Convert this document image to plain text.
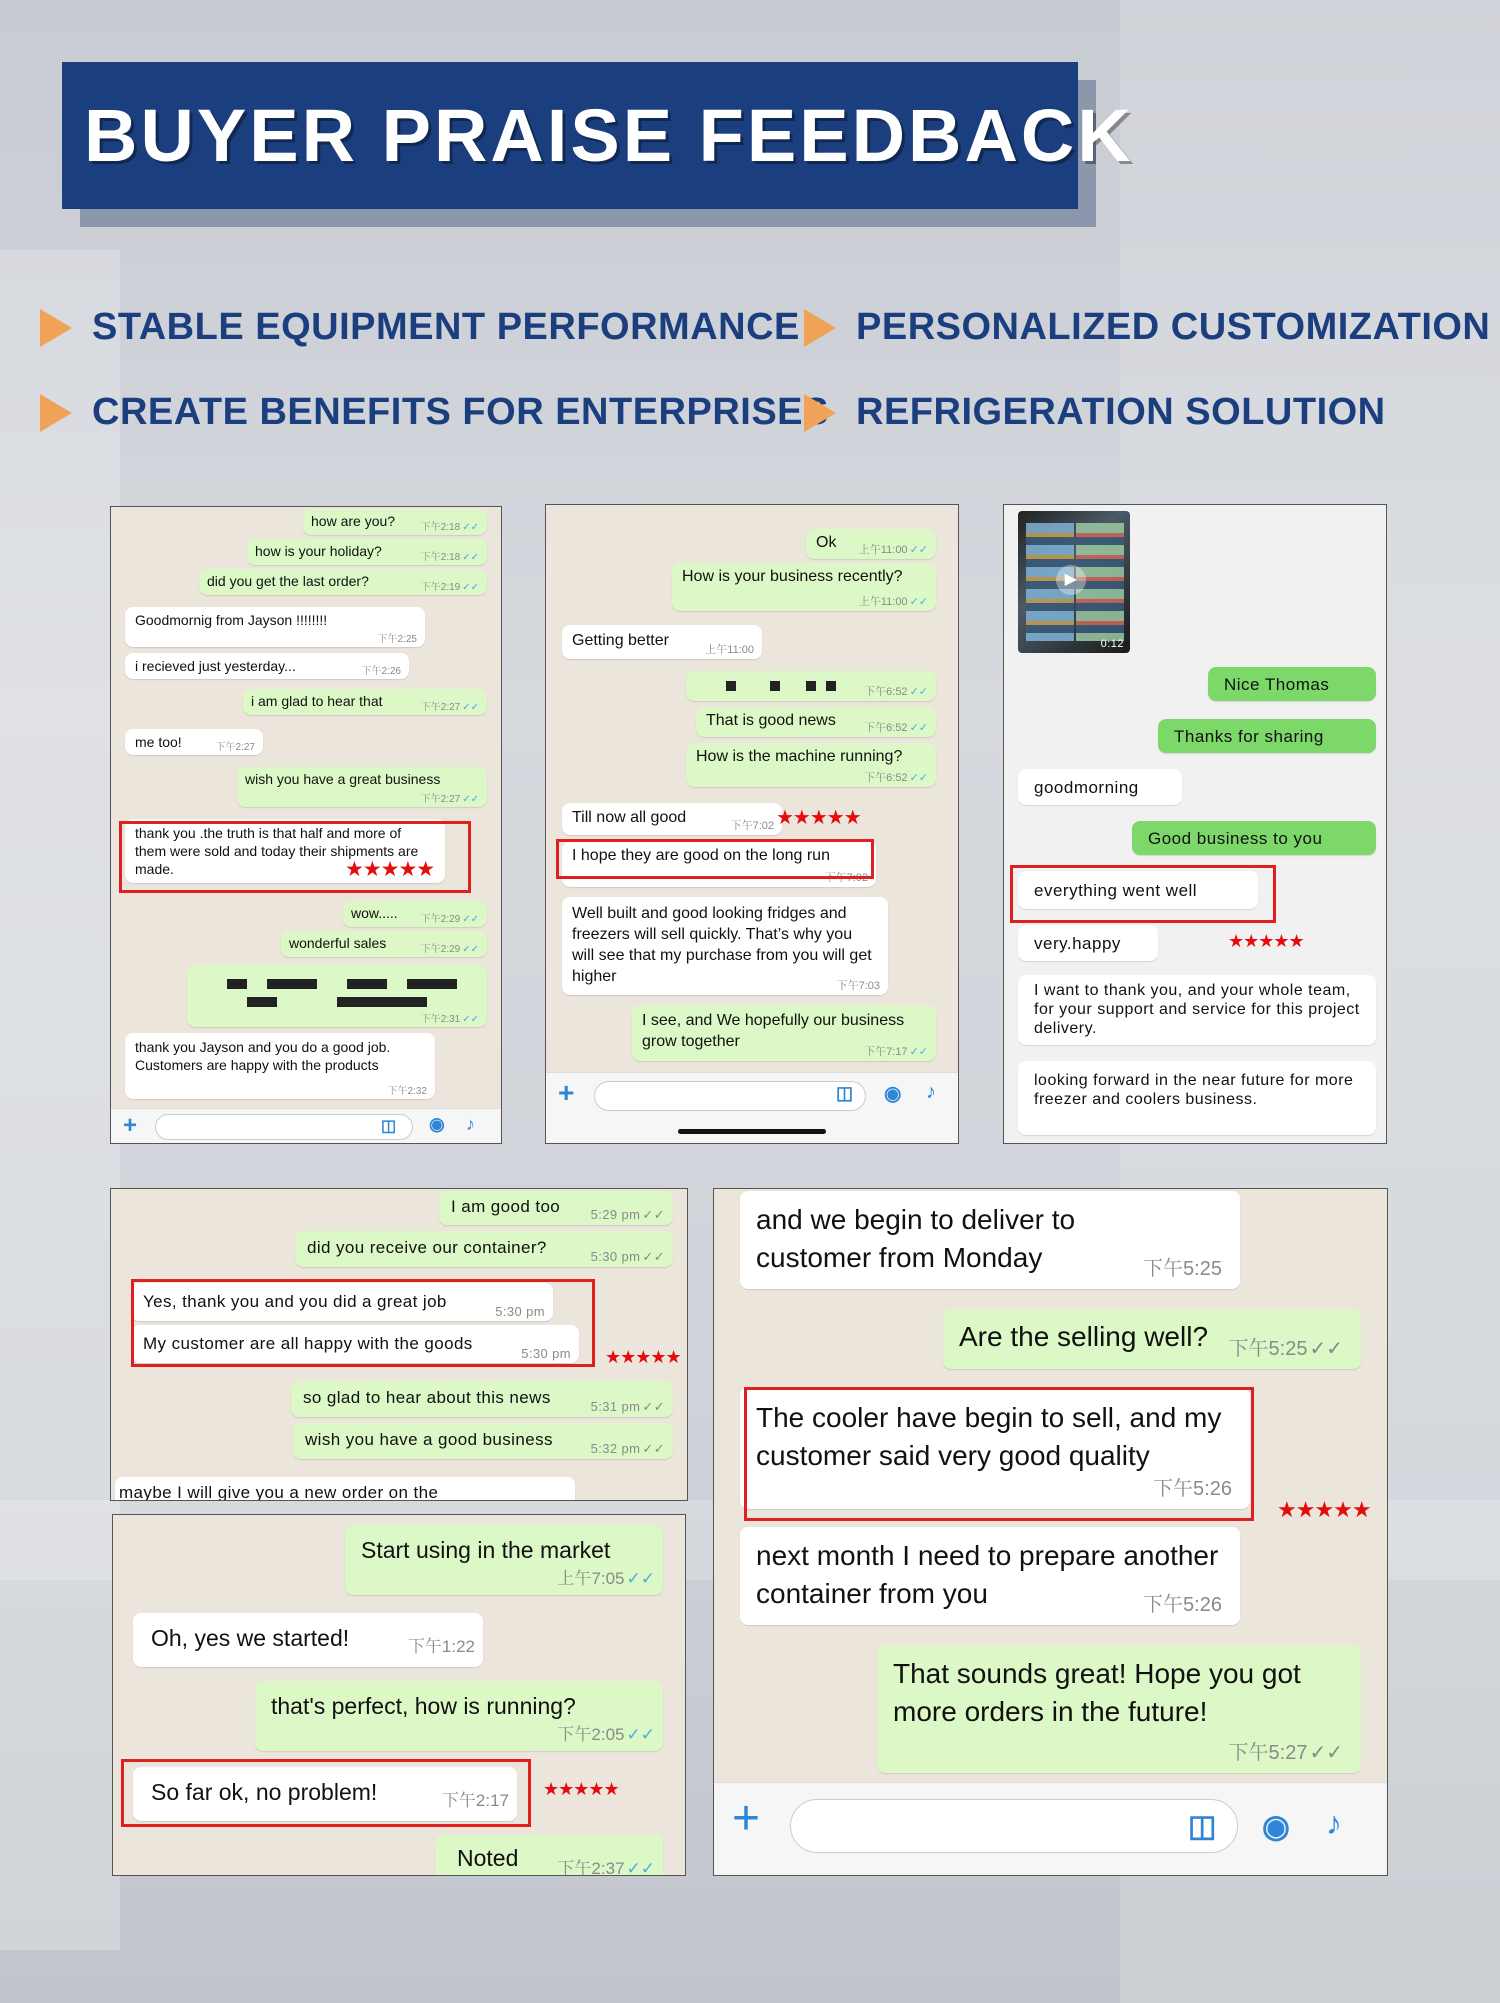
BUYER PRAISE FEEDBACK
STABLE EQUIPMENT PERFORMANCE PERSONALIZED CUSTOMIZATION
CREATE BENEFITS FOR ENTERPRISES REFRIGERATION SOLUTION
how are you?	下午2:18 ✓✓
how is your holiday?	下午2:18 ✓✓
did you get the last order?	下午2:19 ✓✓
Goodmornig from Jayson !!!!!!!!
下午2:25
i recieved just yesterday...	下午2:26
i am glad to hear that	下午2:27 ✓✓
me too!	下午2:27
wish you have a great business
下午2:27 ✓✓
thank you .the truth is that half and more of them were sold and today their shipments are made.	★★★★★
wow..... 下午2:29 ✓✓
wonderful sales	下午2:29 ✓✓
下午2:31 ✓✓
thank you Jayson and you do a good job. Customers are happy with the products
下午2:32
+	◫ ◉ ♪
Ok 上午11:00 ✓✓
How is your business recently?
上午11:00 ✓✓
Getting better
上午11:00
下午6:52 ✓✓
That is good news	下午6:52 ✓✓
How is the machine running?
下午6:52 ✓✓
Till now all good	下午7:02 ★★★★★
I hope they are good on the long run
下午7:02
Well built and good looking fridges and freezers will sell quickly. That’s why you will see that my purchase from you will get higher
下午7:03
I see, and We hopefully our business grow together
下午7:17 ✓✓
+	◫ ◉ ♪
▶
0:12
Nice Thomas
Thanks for sharing
goodmorning
Good business to you
everything went well
very.happy	★★★★★
I want to thank you, and your whole team, for your support and service for this project delivery.
looking forward in the near future for more freezer and coolers business.
I am good too 5:29 pm ✓✓
did you receive our container?	5:30 pm ✓✓
Yes, thank you and you did a great job
5:30 pm
My customer are all happy with the goods
5:30 pm ★★★★★
so glad to hear about this news	5:31 pm ✓✓
wish you have a good business	5:32 pm ✓✓
maybe I will give you a new order on the
Start using in the market
上午7:05 ✓✓
Oh, yes we started!	下午1:22
that's perfect, how is running?
下午2:05 ✓✓
So far ok, no problem!	下午2:17
★★★★★
Noted 下午2:37 ✓✓
and we begin to deliver to customer from Monday	下午5:25
Are the selling well? 下午5:25 ✓✓
The cooler have begin to sell, and my customer said very good quality
下午5:26
★★★★★
next month I need to prepare another container from you	下午5:26
That sounds great! Hope you got more orders in the future!
下午5:27 ✓✓
+	◫ ◉ ♪
